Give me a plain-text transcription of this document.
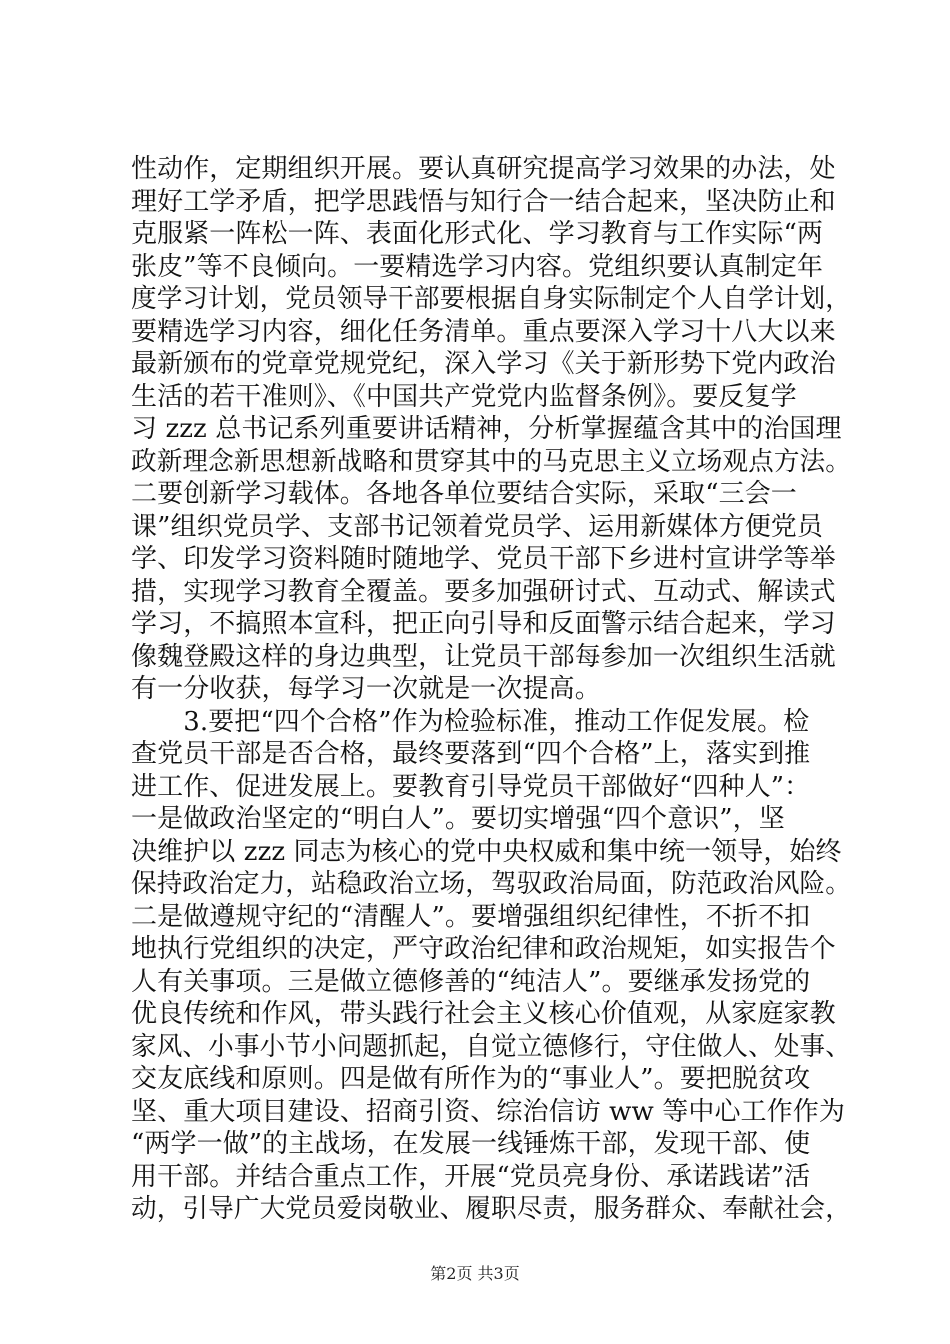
性动作，定期组织开展。要认真研究提高学习效果的办法，处
理好工学矛盾，把学思践悟与知行合一结合起来，坚决防止和
克服紧一阵松一阵、表面化形式化、学习教育与工作实际“两
张皮”等不良倾向。一要精选学习内容。党组织要认真制定年
度学习计划，党员领导干部要根据自身实际制定个人自学计划，
要精选学习内容，细化任务清单。重点要深入学习十八大以来
最新颁布的党章党规党纪，深入学习《关于新形势下党内政治
生活的若干准则》、《中国共产党党内监督条例》。要反复学
习 zzz 总书记系列重要讲话精神，分析掌握蕴含其中的治国理
政新理念新思想新战略和贯穿其中的马克思主义立场观点方法。
二要创新学习载体。各地各单位要结合实际，采取“三会一
课”组织党员学、支部书记领着党员学、运用新媒体方便党员
学、印发学习资料随时随地学、党员干部下乡进村宣讲学等举
措，实现学习教育全覆盖。要多加强研讨式、互动式、解读式
学习，不搞照本宣科，把正向引导和反面警示结合起来，学习
像魏登殿这样的身边典型，让党员干部每参加一次组织生活就
有一分收获，每学习一次就是一次提高。
　　3.要把“四个合格”作为检验标准，推动工作促发展。检
查党员干部是否合格，最终要落到“四个合格”上，落实到推
进工作、促进发展上。要教育引导党员干部做好“四种人”：
一是做政治坚定的“明白人”。要切实增强“四个意识”，坚
决维护以 zzz 同志为核心的党中央权威和集中统一领导，始终
保持政治定力，站稳政治立场，驾驭政治局面，防范政治风险。
二是做遵规守纪的“清醒人”。要增强组织纪律性，不折不扣
地执行党组织的决定，严守政治纪律和政治规矩，如实报告个
人有关事项。三是做立德修善的“纯洁人”。要继承发扬党的
优良传统和作风，带头践行社会主义核心价值观，从家庭家教
家风、小事小节小问题抓起，自觉立德修行，守住做人、处事、
交友底线和原则。四是做有所作为的“事业人”。要把脱贫攻
坚、重大项目建设、招商引资、综治信访 ww 等中心工作作为
“两学一做”的主战场，在发展一线锤炼干部，发现干部、使
用干部。并结合重点工作，开展“党员亮身份、承诺践诺”活
动，引导广大党员爱岗敬业、履职尽责，服务群众、奉献社会，
第2页 共3页
